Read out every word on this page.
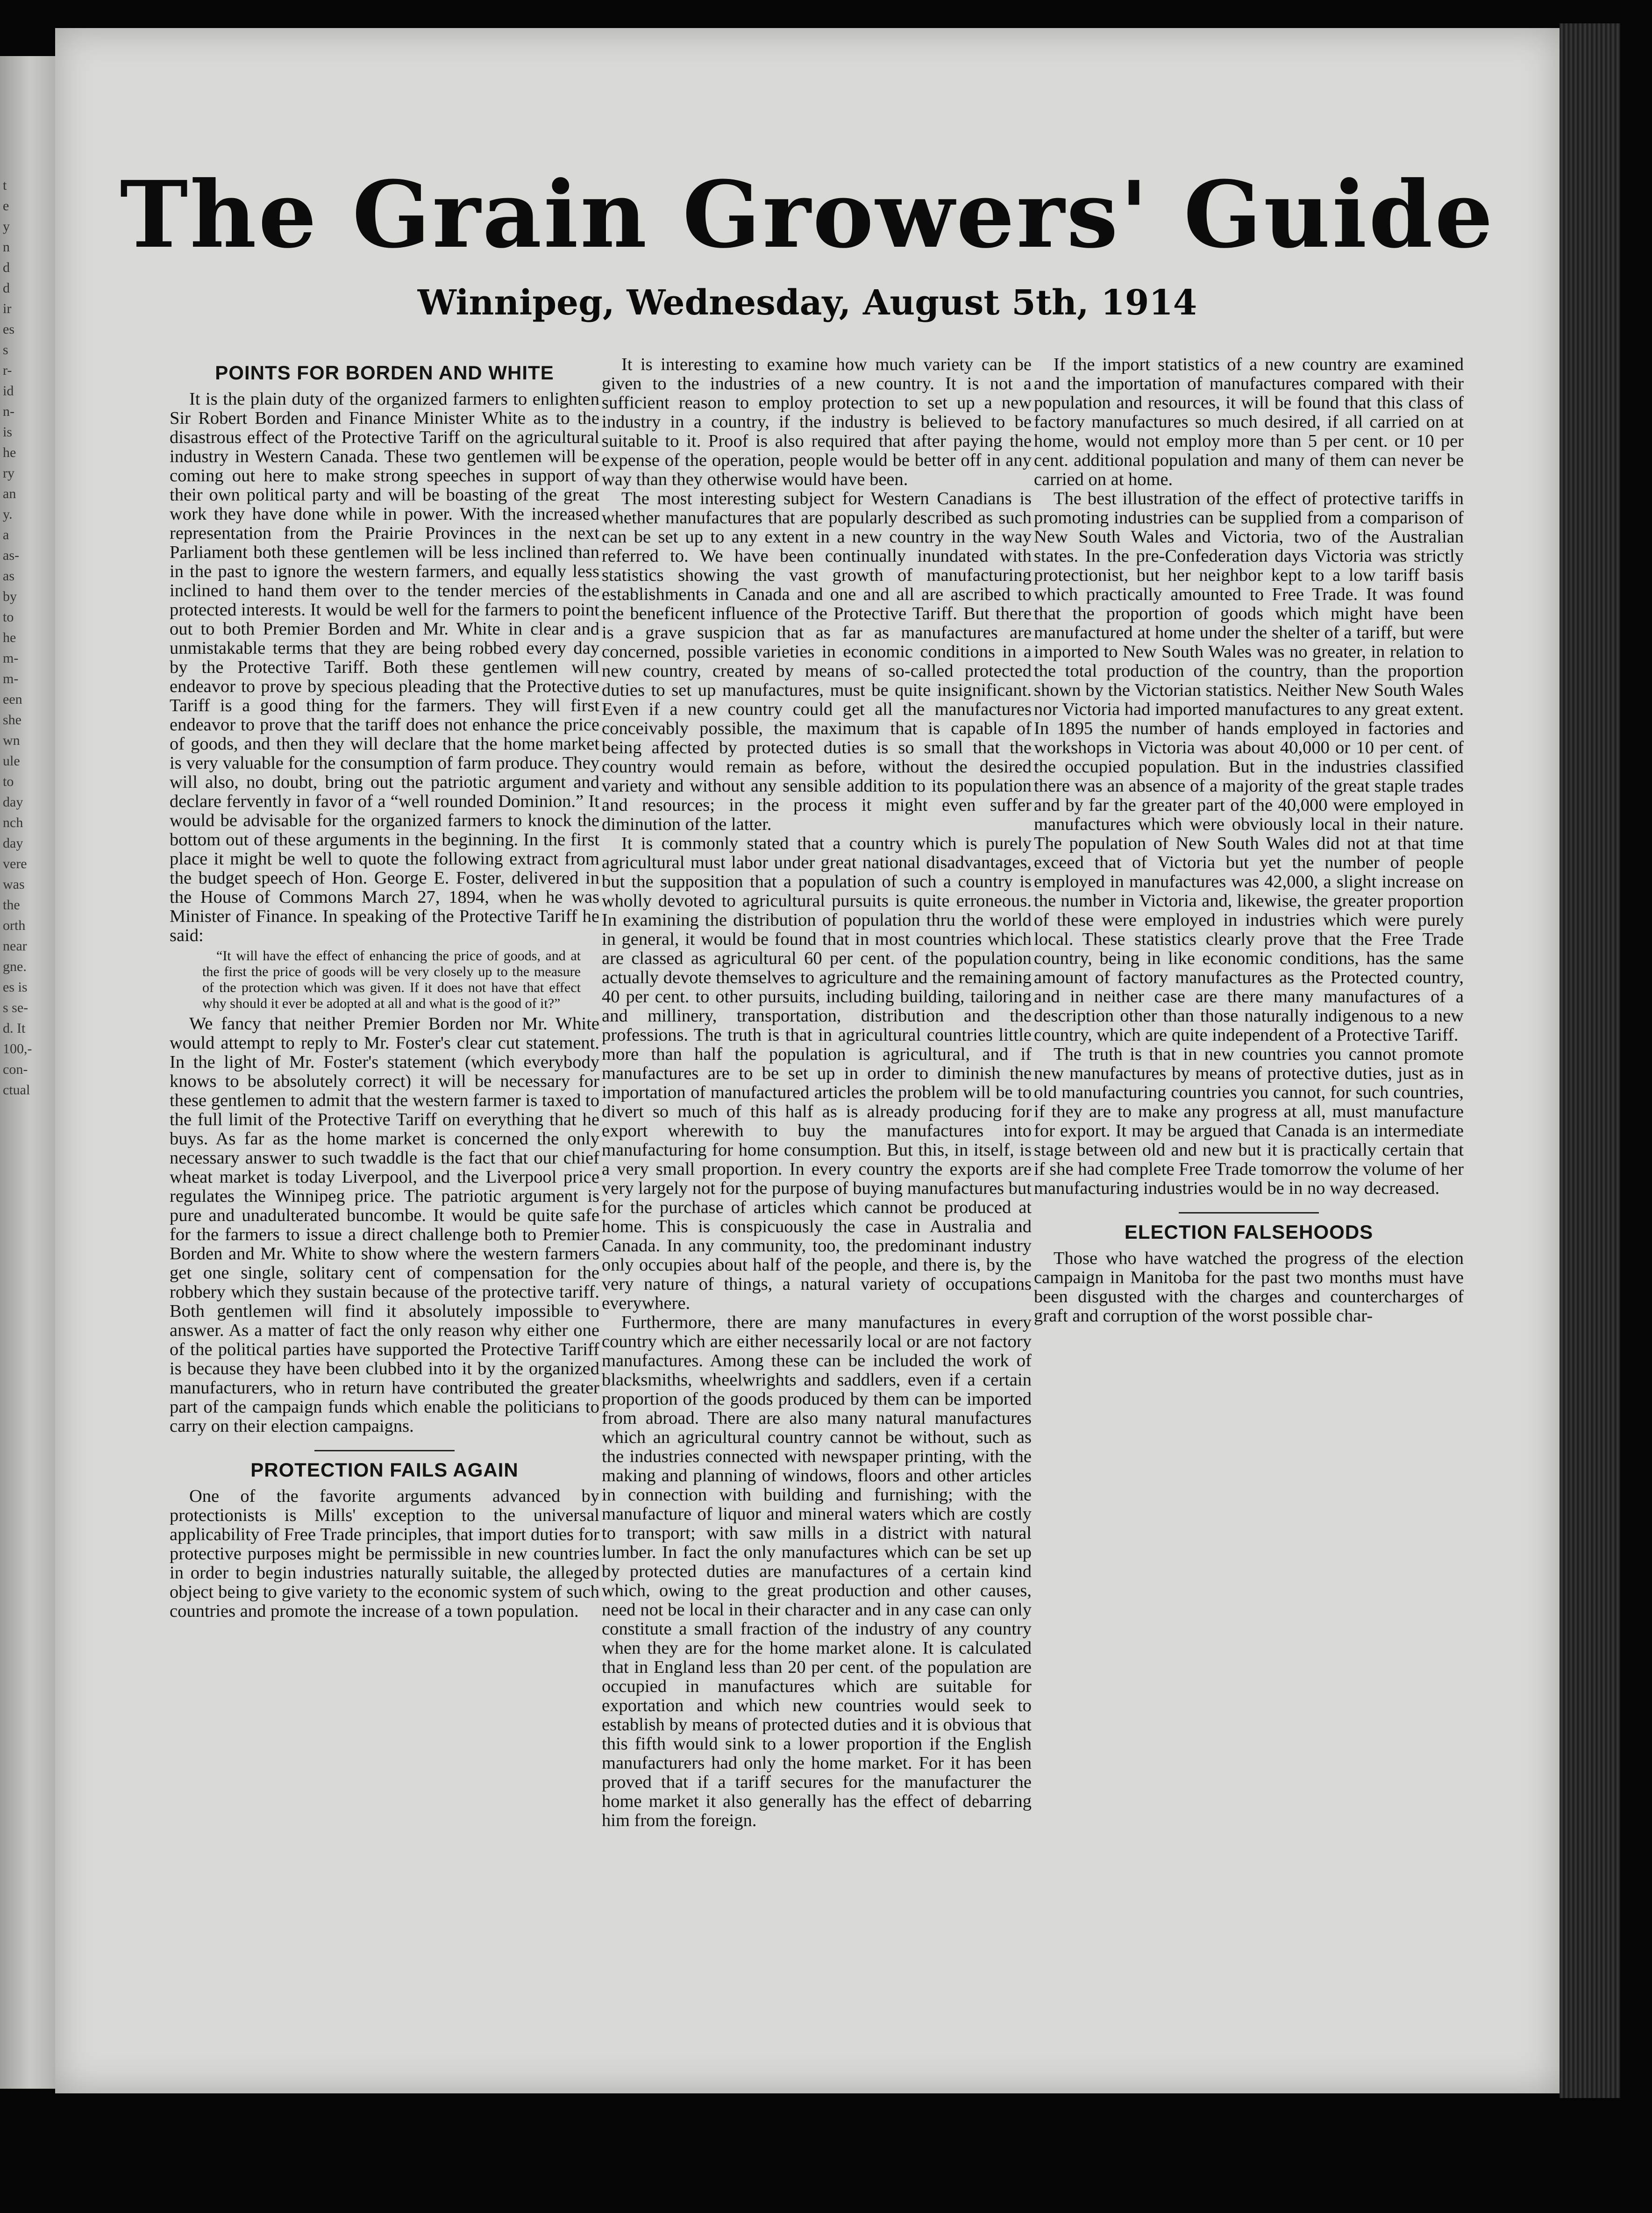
t
e
y
n
d
d
ir
es
s
r-
id
n-
is
he
ry
an
y.
a
as-
as
by
to
he
m-
m-
een
she
wn
ule
to
day
nch
day
vere
was
the
orth
near
gne.
es is
s se-
d. It
100,-
con-
ctual
The Grain Growers' Guide
Winnipeg, Wednesday, August 5th, 1914
POINTS FOR BORDEN AND WHITE

It is the plain duty of the organized farmers to enlighten Sir Robert Borden and Finance Minister White as to the disastrous effect of the Protective Tariff on the agricultural industry in Western Canada. These two gentlemen will be coming out here to make strong speeches in support of their own political party and will be boasting of the great work they have done while in power. With the increased representation from the Prairie Provinces in the next Parliament both these gentlemen will be less inclined than in the past to ignore the western farmers, and equally less inclined to hand them over to the tender mercies of the protected interests. It would be well for the farmers to point out to both Premier Borden and Mr. White in clear and unmistakable terms that they are being robbed every day by the Protective Tariff. Both these gentlemen will endeavor to prove by specious pleading that the Protective Tariff is a good thing for the farmers. They will first endeavor to prove that the tariff does not enhance the price of goods, and then they will declare that the home market is very valuable for the consumption of farm produce. They will also, no doubt, bring out the patriotic argument and declare fervently in favor of a “well rounded Dominion.” It would be advisable for the organized farmers to knock the bottom out of these arguments in the beginning. In the first place it might be well to quote the following extract from the budget speech of Hon. George E. Foster, delivered in the House of Commons March 27, 1894, when he was Minister of Finance. In speaking of the Protective Tariff he said:

“It will have the effect of enhancing the price of goods, and at the first the price of goods will be very closely up to the measure of the protection which was given. If it does not have that effect why should it ever be adopted at all and what is the good of it?”

We fancy that neither Premier Borden nor Mr. White would attempt to reply to Mr. Foster's clear cut statement. In the light of Mr. Foster's statement (which everybody knows to be absolutely correct) it will be necessary for these gentlemen to admit that the western farmer is taxed to the full limit of the Protective Tariff on everything that he buys. As far as the home market is concerned the only necessary answer to such twaddle is the fact that our chief wheat market is today Liverpool, and the Liverpool price regulates the Winnipeg price. The patriotic argument is pure and unadulterated buncombe. It would be quite safe for the farmers to issue a direct challenge both to Premier Borden and Mr. White to show where the western farmers get one single, solitary cent of compensation for the robbery which they sustain because of the protective tariff. Both gentlemen will find it absolutely impossible to answer. As a matter of fact the only reason why either one of the political parties have supported the Protective Tariff is because they have been clubbed into it by the organized manufacturers, who in return have contributed the greater part of the campaign funds which enable the politicians to carry on their election campaigns.

PROTECTION FAILS AGAIN

One of the favorite arguments advanced by protectionists is Mills' exception to the universal applicability of Free Trade principles, that import duties for protective purposes might be permissible in new countries in order to begin industries naturally suitable, the alleged object being to give variety to the economic system of such countries and promote the increase of a town population.

It is interesting to examine how much variety can be given to the industries of a new country. It is not a sufficient reason to employ protection to set up a new industry in a country, if the industry is believed to be suitable to it. Proof is also required that after paying the expense of the operation, people would be better off in any way than they otherwise would have been.

The most interesting subject for Western Canadians is whether manufactures that are popularly described as such can be set up to any extent in a new country in the way referred to. We have been continually inundated with statistics showing the vast growth of manufacturing establishments in Canada and one and all are ascribed to the beneficent influence of the Protective Tariff. But there is a grave suspicion that as far as manufactures are concerned, possible varieties in economic conditions in a new country, created by means of so-called protected duties to set up manufactures, must be quite insignificant. Even if a new country could get all the manufactures conceivably possible, the maximum that is capable of being affected by protected duties is so small that the country would remain as before, without the desired variety and without any sensible addition to its population and resources; in the process it might even suffer diminution of the latter.

It is commonly stated that a country which is purely agricultural must labor under great national disadvantages, but the supposition that a population of such a country is wholly devoted to agricultural pursuits is quite erroneous. In examining the distribution of population thru the world in general, it would be found that in most countries which are classed as agricultural 60 per cent. of the population actually devote themselves to agriculture and the remaining 40 per cent. to other pursuits, including building, tailoring and millinery, transportation, distribution and the professions. The truth is that in agricultural countries little more than half the population is agricultural, and if manufactures are to be set up in order to diminish the importation of manufactured articles the problem will be to divert so much of this half as is already producing for export wherewith to buy the manufactures into manufacturing for home consumption. But this, in itself, is a very small proportion. In every country the exports are very largely not for the purpose of buying manufactures but for the purchase of articles which cannot be produced at home. This is conspicuously the case in Australia and Canada. In any community, too, the predominant industry only occupies about half of the people, and there is, by the very nature of things, a natural variety of occupations everywhere.

Furthermore, there are many manufactures in every country which are either necessarily local or are not factory manufactures. Among these can be included the work of blacksmiths, wheelwrights and saddlers, even if a certain proportion of the goods produced by them can be imported from abroad. There are also many natural manufactures which an agricultural country cannot be without, such as the industries connected with newspaper printing, with the making and planning of windows, floors and other articles in connection with building and furnishing; with the manufacture of liquor and mineral waters which are costly to transport; with saw mills in a district with natural lumber. In fact the only manufactures which can be set up by protected duties are manufactures of a certain kind which, owing to the great production and other causes, need not be local in their character and in any case can only constitute a small fraction of the industry of any country when they are for the home market alone. It is calculated that in England less than 20 per cent. of the population are occupied in manufactures which are suitable for exportation and which new countries would seek to establish by means of protected duties and it is obvious that this fifth would sink to a lower proportion if the English manufacturers had only the home market. For it has been proved that if a tariff secures for the manufacturer the home market it also generally has the effect of debarring him from the foreign.

If the import statistics of a new country are examined and the importation of manufactures compared with their population and resources, it will be found that this class of factory manufactures so much desired, if all carried on at home, would not employ more than 5 per cent. or 10 per cent. additional population and many of them can never be carried on at home.

The best illustration of the effect of protective tariffs in promoting industries can be supplied from a comparison of New South Wales and Victoria, two of the Australian states. In the pre-Confederation days Victoria was strictly protectionist, but her neighbor kept to a low tariff basis which practically amounted to Free Trade. It was found that the proportion of goods which might have been manufactured at home under the shelter of a tariff, but were imported to New South Wales was no greater, in relation to the total production of the country, than the proportion shown by the Victorian statistics. Neither New South Wales nor Victoria had imported manufactures to any great extent. In 1895 the number of hands employed in factories and workshops in Victoria was about 40,000 or 10 per cent. of the occupied population. But in the industries classified there was an absence of a majority of the great staple trades and by far the greater part of the 40,000 were employed in manufactures which were obviously local in their nature. The population of New South Wales did not at that time exceed that of Victoria but yet the number of people employed in manufactures was 42,000, a slight increase on the number in Victoria and, likewise, the greater proportion of these were employed in industries which were purely local. These statistics clearly prove that the Free Trade country, being in like economic conditions, has the same amount of factory manufactures as the Protected country, and in neither case are there many manufactures of a description other than those naturally indigenous to a new country, which are quite independent of a Protective Tariff.

The truth is that in new countries you cannot promote new manufactures by means of protective duties, just as in old manufacturing countries you cannot, for such countries, if they are to make any progress at all, must manufacture for export. It may be argued that Canada is an intermediate stage between old and new but it is practically certain that if she had complete Free Trade tomorrow the volume of her manufacturing industries would be in no way decreased.

ELECTION FALSEHOODS

Those who have watched the progress of the election campaign in Manitoba for the past two months must have been disgusted with the charges and countercharges of graft and corruption of the worst possible char-
